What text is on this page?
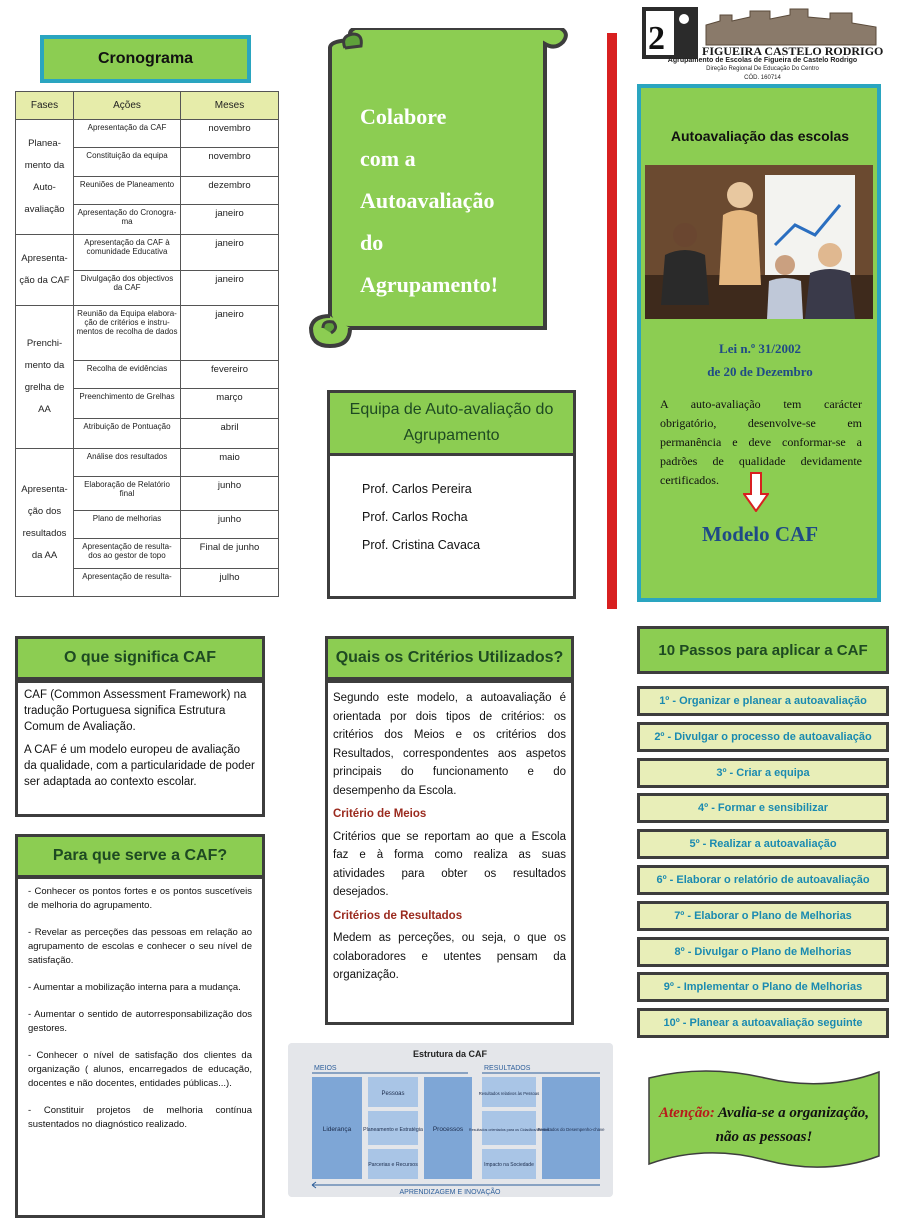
Cronograma
Fases	Ações	Meses
Planea-mento da Auto-avaliação	Apresentação da CAF	novembro
	Constituição da equipa	novembro
	Reuniões de Planeamento	dezembro
	Apresentação do Cronogra-ma	janeiro
Apresenta-ção da CAF	Apresentação da CAF à comunidade Educativa	janeiro
	Divulgação dos objectivos da CAF	janeiro
Prenchi-mento da grelha de AA	Reunião da Equipa elabora-ção de critérios e instru-mentos de recolha de dados	janeiro
	Recolha de evidências	fevereiro
	Preenchimento de Grelhas	março
	Atribuição de Pontuação	abril
Apresenta-ção dos resultados da AA	Análise dos resultados	maio
	Elaboração de Relatório final	junho
	Plano de melhorias	junho
	Apresentação de resulta-dos ao gestor de topo	Final de junho
	Apresentação de resulta-	julho
Colabore
com a
Autoavaliação
do
Agrupamento!
2	FIGUEIRA CASTELO RODRIGO
Agrupamento de Escolas de Figueira de Castelo Rodrigo
Direção Regional De Educação Do Centro
CÓD. 160714
Autoavaliação das escolas
Lei n.º 31/2002
de 20 de Dezembro
A auto-avaliação tem carácter obrigatório, desenvolve-se em permanência e deve conformar-se a padrões de qualidade devidamente certificados.
Modelo CAF
Equipa de Auto-avaliação do Agrupamento
Prof. Carlos Pereira
Prof. Carlos Rocha
Prof. Cristina Cavaca
O que significa CAF

CAF (Common Assessment Framework) na tradução Portuguesa significa Estrutura Comum de Avaliação.

A CAF é um modelo europeu de avaliação da qualidade, com a particularidade de poder ser adaptada ao contexto escolar.

Para que serve a CAF?

- Conhecer os pontos fortes e os pontos suscetíveis de melhoria do agrupamento.

- Revelar as perceções das pessoas em relação ao agrupamento de escolas e conhecer o seu nível de satisfação.

- Aumentar a mobilização interna para a mudança.

- Aumentar o sentido de autorresponsabilização dos gestores.

- Conhecer o nível de satisfação dos clientes da organização ( alunos, encarregados de educação, docentes e não docentes, entidades públicas...).

- Constituir projetos de melhoria contínua sustentados no diagnóstico realizado.

Quais os Critérios Utilizados?

Segundo este modelo, a autoavaliação é orientada por dois tipos de critérios: os critérios dos Meios e os critérios dos Resultados, correspondentes aos aspetos principais do funcionamento e do desempenho da Escola.

Critério de Meios

Critérios que se reportam ao que a Escola faz e à forma como realiza as suas atividades para obter os resultados desejados.

Critérios de Resultados

Medem as perceções, ou seja, o que os colaboradores e utentes pensam da organização.

Estrutura da CAF
MEIOS	RESULTADOS
Liderança
Pessoas
Planeamento e Estratégia
Parcerias e Recursos
Processos
Resultados relativos às Pessoas
Resultados orientados para os Cidadãos/clientes
Impacto na Sociedade
Resultados do Desempenho-chave
APRENDIZAGEM E INOVAÇÃO
10 Passos para aplicar a CAF
1º - Organizar e planear a autoavaliação
2º - Divulgar o processo de autoavaliação
3º - Criar a equipa
4º - Formar e sensibilizar
5º - Realizar a autoavaliação
6º - Elaborar o relatório de autoavaliação
7º - Elaborar o Plano de Melhorias
8º - Divulgar o Plano de Melhorias
9º - Implementar o Plano de Melhorias
10º - Planear a autoavaliação seguinte
Atenção: Avalia-se a organização, não as pessoas!
